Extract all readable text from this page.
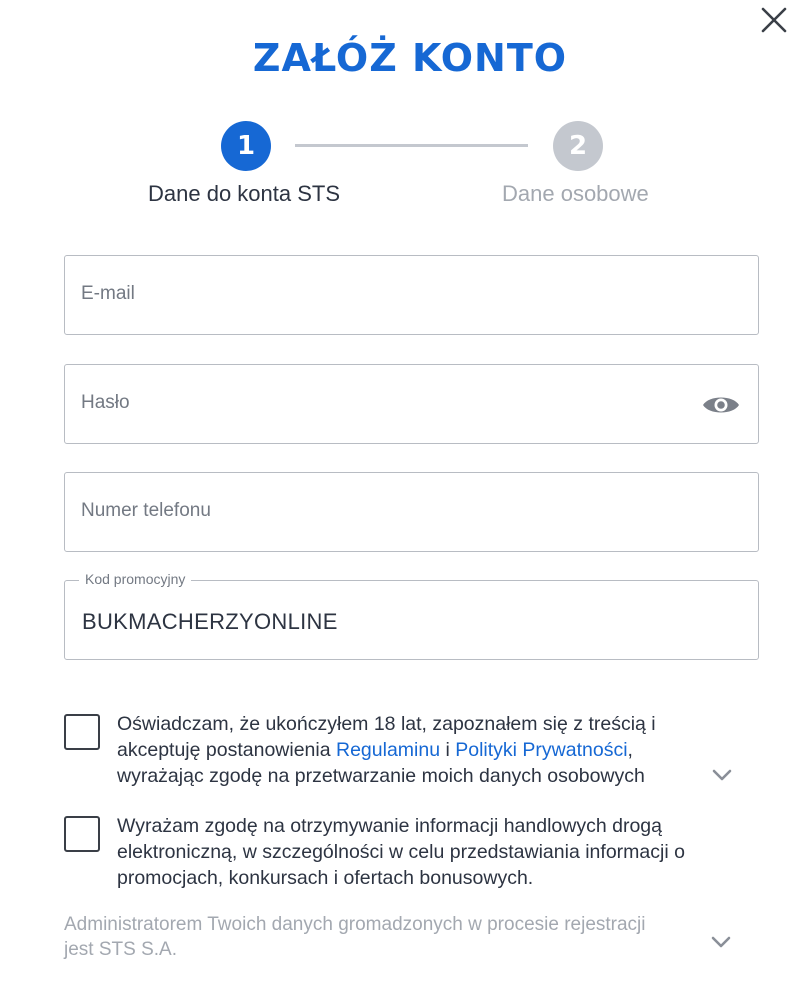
ZAŁÓŻ KONTO
1	2
Dane do konta STS	Dane osobowe
E-mail
Hasło
Numer telefonu
Kod promocyjny
BUKMACHERZYONLINE
Oświadczam, że ukończyłem 18 lat, zapoznałem się z treścią i akceptuję postanowienia Regulaminu i Polityki Prywatności, wyrażając zgodę na przetwarzanie moich danych osobowych
Wyrażam zgodę na otrzymywanie informacji handlowych drogą elektroniczną, w szczególności w celu przedstawiania informacji o promocjach, konkursach i ofertach bonusowych.
Administratorem Twoich danych gromadzonych w procesie rejestracji jest STS S.A.
